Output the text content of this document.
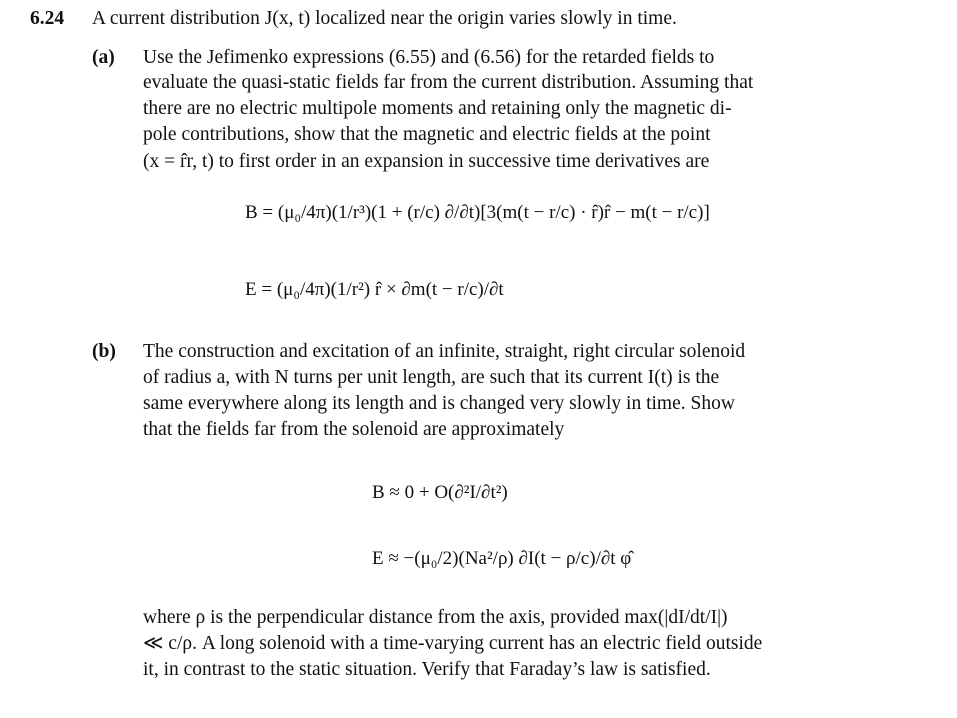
6.24 A current distribution J(x, t) localized near the origin varies slowly in time.
(a) Use the Jefimenko expressions (6.55) and (6.56) for the retarded fields to
evaluate the quasi-static fields far from the current distribution. Assuming that
there are no electric multipole moments and retaining only the magnetic di-
pole contributions, show that the magnetic and electric fields at the point
(x = r̂r, t) to first order in an expansion in successive time derivatives are
B = (μ₀/4π)(1/r³)(1 + (r/c) ∂/∂t)[3(m(t − r/c) · r̂)r̂ − m(t − r/c)]
E = (μ₀/4π)(1/r²) r̂ × ∂m(t − r/c)/∂t
(b) The construction and excitation of an infinite, straight, right circular solenoid
of radius a, with N turns per unit length, are such that its current I(t) is the
same everywhere along its length and is changed very slowly in time. Show
that the fields far from the solenoid are approximately
B ≈ 0 + O(∂²I/∂t²)
E ≈ −(μ₀/2)(Na²/ρ) ∂I(t − ρ/c)/∂t φ̂
where ρ is the perpendicular distance from the axis, provided max(|dI/dt/I|)
≪ c/ρ. A long solenoid with a time-varying current has an electric field outside
it, in contrast to the static situation. Verify that Faraday’s law is satisfied.
